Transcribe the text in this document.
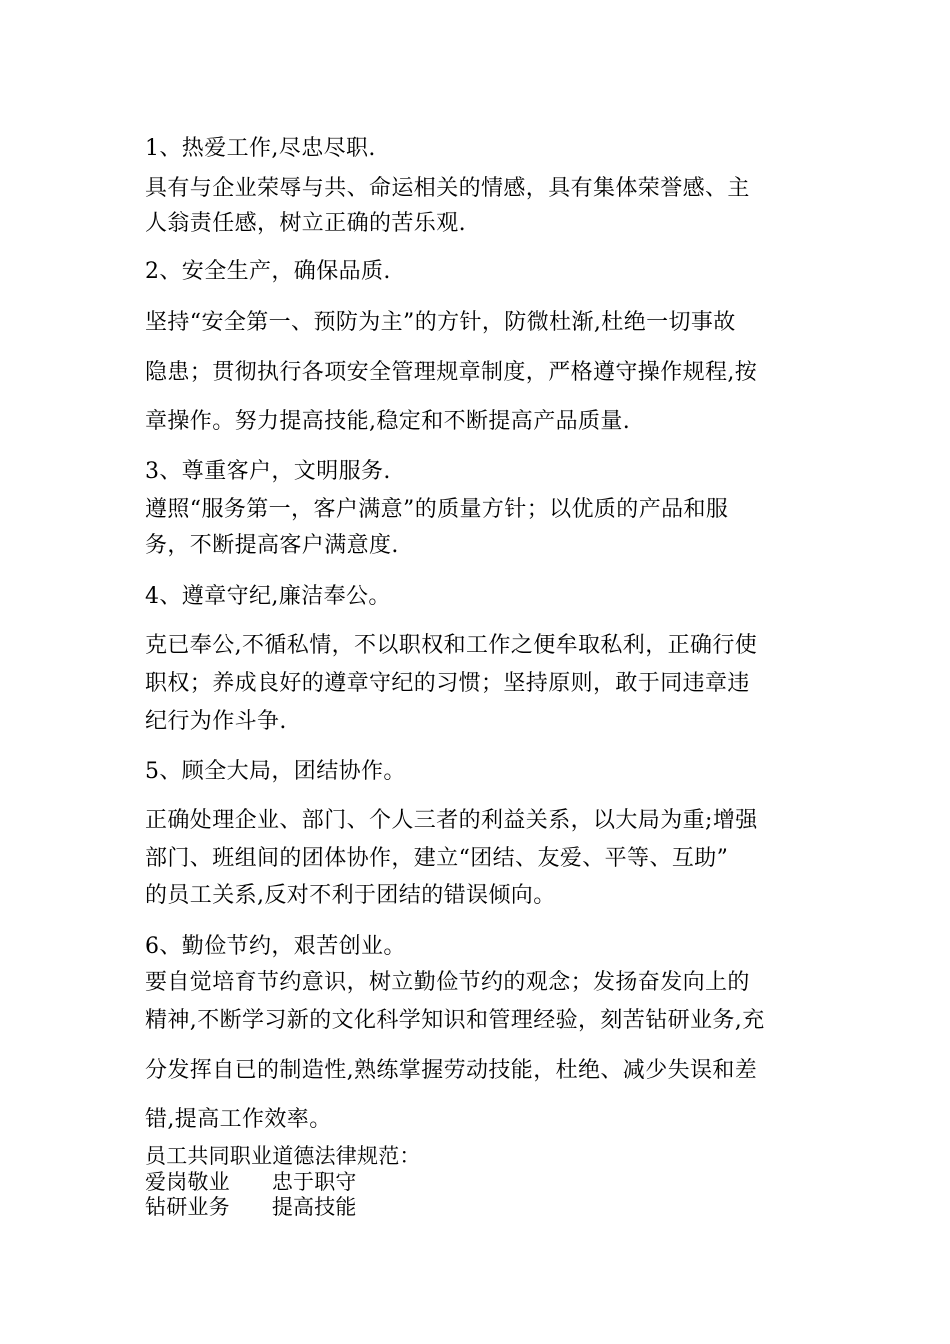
1、热爱工作,尽忠尽职.
具有与企业荣辱与共、命运相关的情感，具有集体荣誉感、主
人翁责任感，树立正确的苦乐观.
2、安全生产，确保品质.
坚持“安全第一、预防为主”的方针，防微杜渐,杜绝一切事故
隐患；贯彻执行各项安全管理规章制度，严格遵守操作规程,按
章操作。努力提高技能,稳定和不断提高产品质量.
3、尊重客户，文明服务.
遵照“服务第一，客户满意”的质量方针；以优质的产品和服
务，不断提高客户满意度.
4、遵章守纪,廉洁奉公。
克已奉公,不循私情，不以职权和工作之便牟取私利，正确行使
职权；养成良好的遵章守纪的习惯；坚持原则，敢于同违章违
纪行为作斗争.
5、顾全大局，团结协作。
正确处理企业、部门、个人三者的利益关系，以大局为重;增强
部门、班组间的团体协作，建立“团结、友爱、平等、互助”
的员工关系,反对不利于团结的错误倾向。
6、勤俭节约，艰苦创业。
要自觉培育节约意识，树立勤俭节约的观念；发扬奋发向上的
精神,不断学习新的文化科学知识和管理经验，刻苦钻研业务,充
分发挥自已的制造性,熟练掌握劳动技能，杜绝、减少失误和差
错,提高工作效率。
员工共同职业道德法律规范：
爱岗敬业 忠于职守
钻研业务 提高技能
